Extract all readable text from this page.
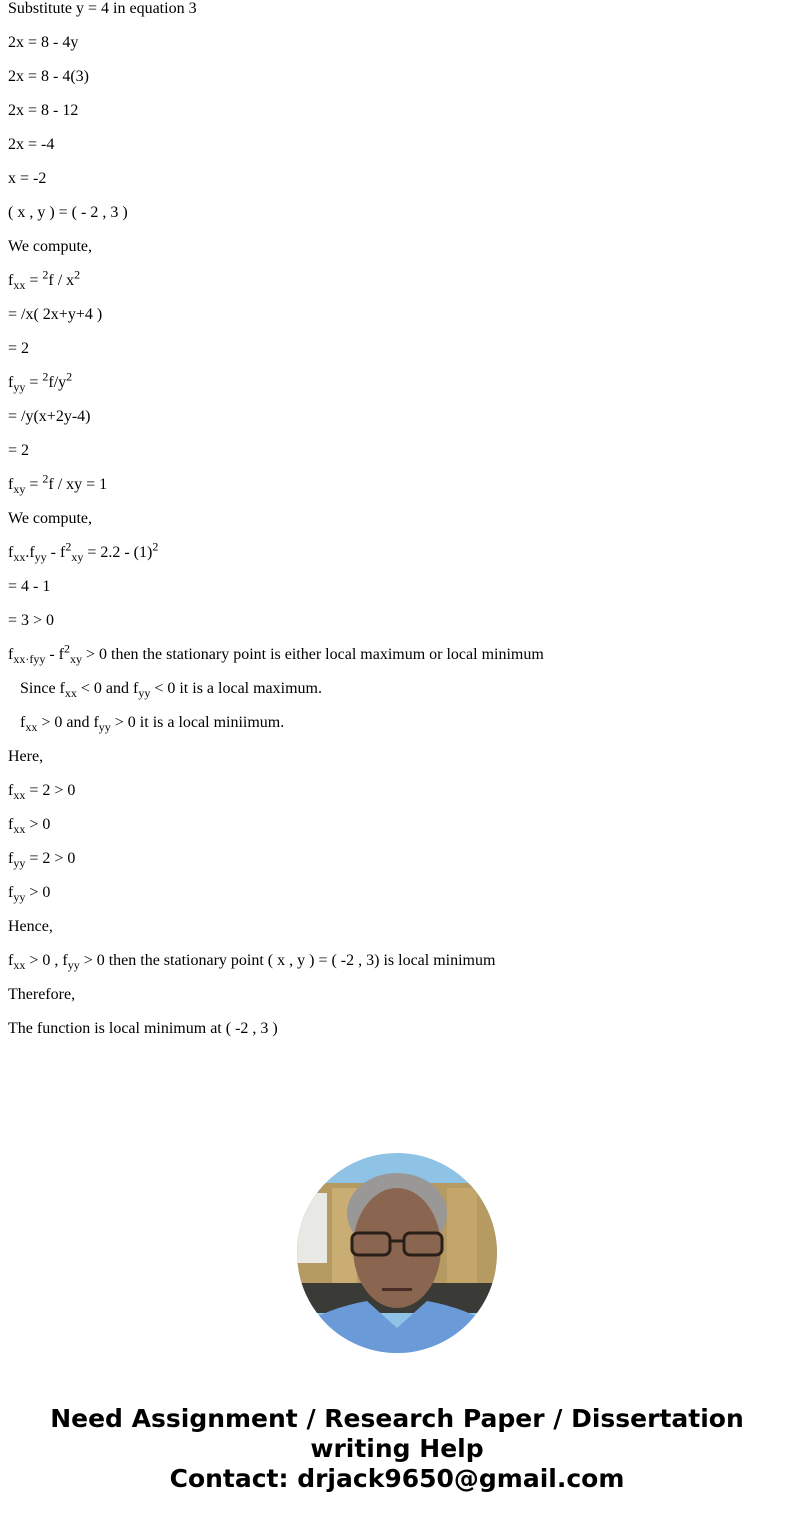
Substitute y = 4 in equation 3

2x = 8 - 4y

2x = 8 - 4(3)

2x = 8 - 12

2x = -4

x = -2

( x , y ) = ( - 2 , 3 )

We compute,

$f_{xx} = ^2f / x^2$

= /x( 2x+y+4 )

= 2

$f_{yy} = ^2f/y^2$

= /y(x+2y-4)

= 2

$f_{xy} = ^2f$ / xy = 1

We compute,

$f_{xx}.f_{yy} - f^2_{xy} = 2.2 - (1)^2$

= 4 - 1

= 3 > 0

$f_{xx\cdot fyy} - f^2_{xy} > 0$ then the stationary point is either local maximum or local minimum

Since $f_{xx} < 0$ and $f_{yy} < 0$ it is a local maximum.

$f_{xx} > 0$ and $f_{yy} > 0$ it is a local miniimum.

Here,

$f_{xx} = 2 > 0$

$f_{xx} > 0$

$f_{yy} = 2 > 0$

$f_{yy} > 0$

Hence,

$f_{xx} > 0$ , $f_{yy} > 0$ then the stationary point ( x , y ) = ( -2 , 3) is local minimum

Therefore,

The function is local minimum at ( -2 , 3 )

Need Assignment / Research Paper / Dissertation
writing Help
Contact: drjack9650@gmail.com
